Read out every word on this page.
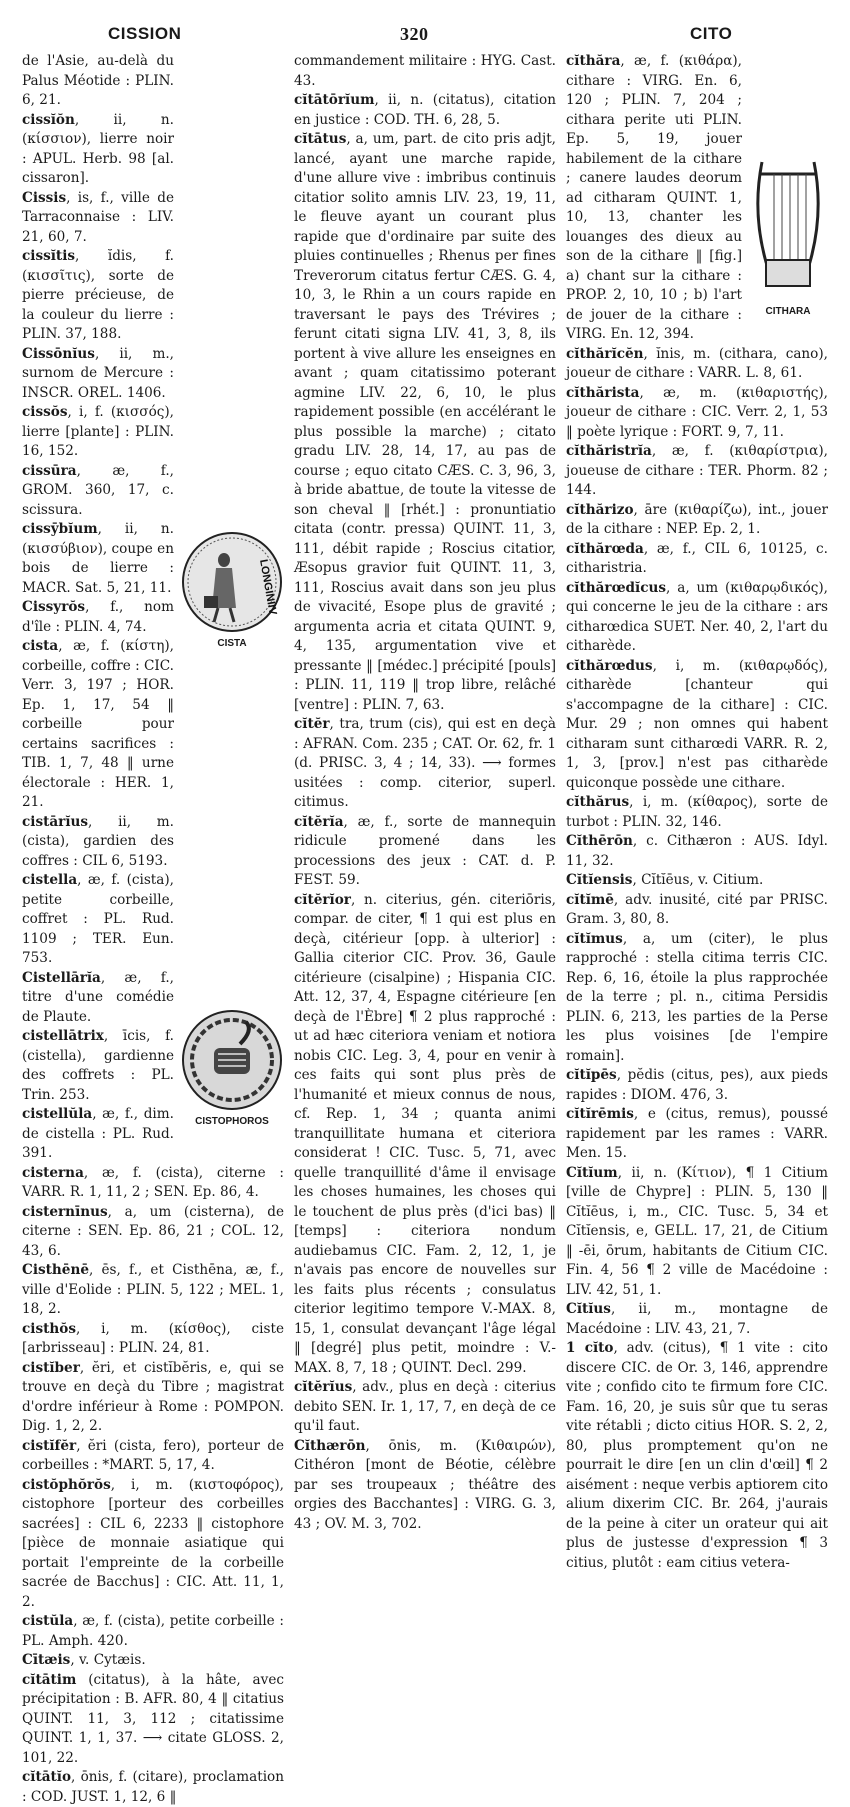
CISSION	320	CITO
LONGINIIV
CISTA
CISTOPHOROS

de l'Asie, au-delà du Palus Méotide : PLIN. 6, 21.

cissĭŏn, ii, n. (κίσσιον), lierre noir : APUL. Herb. 98 [al. cissaron].

Cissis, is, f., ville de Tarraconnaise : LIV. 21, 60, 7.

cissĭtis, ĭdis, f. (κισσῖτις), sorte de pierre précieuse, de la couleur du lierre : PLIN. 37, 188.

Cissōnĭus, ii, m., surnom de Mercure : INSCR. OREL. 1406.

cissŏs, i, f. (κισσός), lierre [plante] : PLIN. 16, 152.

cissūra, æ, f., GROM. 360, 17, c. scissura.

cissȳbĭum, ii, n. (κισσύβιον), coupe en bois de lierre : MACR. Sat. 5, 21, 11.

Cissyrŏs, f., nom d'île : PLIN. 4, 74.

cista, æ, f. (κίστη), corbeille, coffre : CIC. Verr. 3, 197 ; HOR. Ep. 1, 17, 54 ‖ corbeille pour certains sacrifices : TIB. 1, 7, 48 ‖ urne électorale : HER. 1, 21.

cistārĭus, ii, m. (cista), gardien des coffres : CIL 6, 5193.

cistella, æ, f. (cista), petite corbeille, coffret : PL. Rud. 1109 ; TER. Eun. 753.

Cistellārĭa, æ, f., titre d'une comédie de Plaute.

cistellātrix, īcis, f. (cistella), gardienne des coffrets : PL. Trin. 253.

cistellŭla, æ, f., dim. de cistella : PL. Rud. 391.

cisterna, æ, f. (cista), citerne : VARR. R. 1, 11, 2 ; SEN. Ep. 86, 4.

cisternīnus, a, um (cisterna), de citerne : SEN. Ep. 86, 21 ; COL. 12, 43, 6.

Cisthēnē, ēs, f., et Cisthēna, æ, f., ville d'Eolide : PLIN. 5, 122 ; MEL. 1, 18, 2.

cisthŏs, i, m. (κίσθος), ciste [arbrisseau] : PLIN. 24, 81.

cistĭber, ĕri, et cistĭbĕris, e, qui se trouve en deçà du Tibre ; magistrat d'ordre inférieur à Rome : POMPON. Dig. 1, 2, 2.

cistĭfĕr, ĕri (cista, fero), porteur de corbeilles : *MART. 5, 17, 4.

cistŏphŏrŏs, i, m. (κιστοφόρος), cistophore [porteur des corbeilles sacrées] : CIL 6, 2233 ‖ cistophore [pièce de monnaie asiatique qui portait l'empreinte de la corbeille sacrée de Bacchus] : CIC. Att. 11, 1, 2.

cistŭla, æ, f. (cista), petite corbeille : PL. Amph. 420.

Cītæis, v. Cytæis.

cĭtātim (citatus), à la hâte, avec précipitation : B. AFR. 80, 4 ‖ citatius QUINT. 11, 3, 112 ; citatissime QUINT. 1, 1, 37. ⟶ citate GLOSS. 2, 101, 22.

cĭtātĭo, ōnis, f. (citare), proclamation : COD. JUST. 1, 12, 6 ‖

commandement militaire : HYG. Cast. 43.

cĭtātōrĭum, ii, n. (citatus), citation en justice : COD. TH. 6, 28, 5.

cĭtātus, a, um, part. de cito pris adjt, lancé, ayant une marche rapide, d'une allure vive : imbribus continuis citatior solito amnis LIV. 23, 19, 11, le fleuve ayant un courant plus rapide que d'ordinaire par suite des pluies continuelles ; Rhenus per fines Treverorum citatus fertur CÆS. G. 4, 10, 3, le Rhin a un cours rapide en traversant le pays des Trévires ; ferunt citati signa LIV. 41, 3, 8, ils portent à vive allure les enseignes en avant ; quam citatissimo poterant agmine LIV. 22, 6, 10, le plus rapidement possible (en accélérant le plus possible la marche) ; citato gradu LIV. 28, 14, 17, au pas de course ; equo citato CÆS. C. 3, 96, 3, à bride abattue, de toute la vitesse de son cheval ‖ [rhét.] : pronuntiatio citata (contr. pressa) QUINT. 11, 3, 111, débit rapide ; Roscius citatior, Æsopus gravior fuit QUINT. 11, 3, 111, Roscius avait dans son jeu plus de vivacité, Esope plus de gravité ; argumenta acria et citata QUINT. 9, 4, 135, argumentation vive et pressante ‖ [médec.] précipité [pouls] : PLIN. 11, 119 ‖ trop libre, relâché [ventre] : PLIN. 7, 63.

cĭtĕr, tra, trum (cis), qui est en deçà : AFRAN. Com. 235 ; CAT. Or. 62, fr. 1 (d. PRISC. 3, 4 ; 14, 33). ⟶ formes usitées : comp. citerior, superl. citimus.

cĭtĕrĭa, æ, f., sorte de mannequin ridicule promené dans les processions des jeux : CAT. d. P. FEST. 59.

cĭtĕrĭor, n. citerius, gén. citeriōris, compar. de citer, ¶ 1 qui est plus en deçà, citérieur [opp. à ulterior] : Gallia citerior CIC. Prov. 36, Gaule citérieure (cisalpine) ; Hispania CIC. Att. 12, 37, 4, Espagne citérieure [en deçà de l'Èbre] ¶ 2 plus rapproché : ut ad hæc citeriora veniam et notiora nobis CIC. Leg. 3, 4, pour en venir à ces faits qui sont plus près de l'humanité et mieux connus de nous, cf. Rep. 1, 34 ; quanta animi tranquillitate humana et citeriora considerat ! CIC. Tusc. 5, 71, avec quelle tranquillité d'âme il envisage les choses humaines, les choses qui le touchent de plus près (d'ici bas) ‖ [temps] : citeriora nondum audiebamus CIC. Fam. 2, 12, 1, je n'avais pas encore de nouvelles sur les faits plus récents ; consulatus citerior legitimo tempore V.-MAX. 8, 15, 1, consulat devançant l'âge légal ‖ [degré] plus petit, moindre : V.-MAX. 8, 7, 18 ; QUINT. Decl. 299.

cĭtĕrĭus, adv., plus en deçà : citerius debito SEN. Ir. 1, 17, 7, en deçà de ce qu'il faut.

Cĭthærōn, ōnis, m. (Κιθαιρών), Cithéron [mont de Béotie, célèbre par ses troupeaux ; théâtre des orgies des Bacchantes] : VIRG. G. 3, 43 ; OV. M. 3, 702.

CITHARA

cĭthăra, æ, f. (κιθάρα), cithare : VIRG. En. 6, 120 ; PLIN. 7, 204 ; cithara perite uti PLIN. Ep. 5, 19, jouer habilement de la cithare ; canere laudes deorum ad citharam QUINT. 1, 10, 13, chanter les louanges des dieux au son de la cithare ‖ [fig.] a) chant sur la cithare : PROP. 2, 10, 10 ; b) l'art de jouer de la cithare : VIRG. En. 12, 394.

cĭthărĭcĕn, ĭnis, m. (cithara, cano), joueur de cithare : VARR. L. 8, 61.

cĭthărista, æ, m. (κιθαριστής), joueur de cithare : CIC. Verr. 2, 1, 53 ‖ poète lyrique : FORT. 9, 7, 11.

cĭthăristrĭa, æ, f. (κιθαρίστρια), joueuse de cithare : TER. Phorm. 82 ; 144.

cĭthărizo, āre (κιθαρίζω), int., jouer de la cithare : NEP. Ep. 2, 1.

cĭthărœda, æ, f., CIL 6, 10125, c. citharistria.

cĭthărœdĭcus, a, um (κιθαρῳδικός), qui concerne le jeu de la cithare : ars citharœdica SUET. Ner. 40, 2, l'art du citharède.

cĭthărœdus, i, m. (κιθαρῳδός), citharède [chanteur qui s'accompagne de la cithare] : CIC. Mur. 29 ; non omnes qui habent citharam sunt citharœdi VARR. R. 2, 1, 3, [prov.] n'est pas citharède quiconque possède une cithare.

cĭthărus, i, m. (κίθαρος), sorte de turbot : PLIN. 32, 146.

Cĭthērōn, c. Cithæron : AUS. Idyl. 11, 32.

Cĭtĭensis, Cĭtĭēus, v. Citium.

cĭtĭmē, adv. inusité, cité par PRISC. Gram. 3, 80, 8.

cĭtĭmus, a, um (citer), le plus rapproché : stella citima terris CIC. Rep. 6, 16, étoile la plus rapprochée de la terre ; pl. n., citima Persidis PLIN. 6, 213, les parties de la Perse les plus voisines [de l'empire romain].

cĭtĭpēs, pĕdis (citus, pes), aux pieds rapides : DIOM. 476, 3.

cĭtĭrēmis, e (citus, remus), poussé rapidement par les rames : VARR. Men. 15.

Cĭtĭum, ii, n. (Κίτιον), ¶ 1 Citium [ville de Chypre] : PLIN. 5, 130 ‖ Cĭtĭēus, i, m., CIC. Tusc. 5, 34 et Cĭtĭensis, e, GELL. 17, 21, de Citium ‖ -ēi, ōrum, habitants de Citium CIC. Fin. 4, 56 ¶ 2 ville de Macédoine : LIV. 42, 51, 1.

Cĭtĭus, ii, m., montagne de Macédoine : LIV. 43, 21, 7.

1 cĭto, adv. (citus), ¶ 1 vite : cito discere CIC. de Or. 3, 146, apprendre vite ; confido cito te firmum fore CIC. Fam. 16, 20, je suis sûr que tu seras vite rétabli ; dicto citius HOR. S. 2, 2, 80, plus promptement qu'on ne pourrait le dire [en un clin d'œil] ¶ 2 aisément : neque verbis aptiorem cito alium dixerim CIC. Br. 264, j'aurais de la peine à citer un orateur qui ait plus de justesse d'expression ¶ 3 citius, plutôt : eam citius vetera-
